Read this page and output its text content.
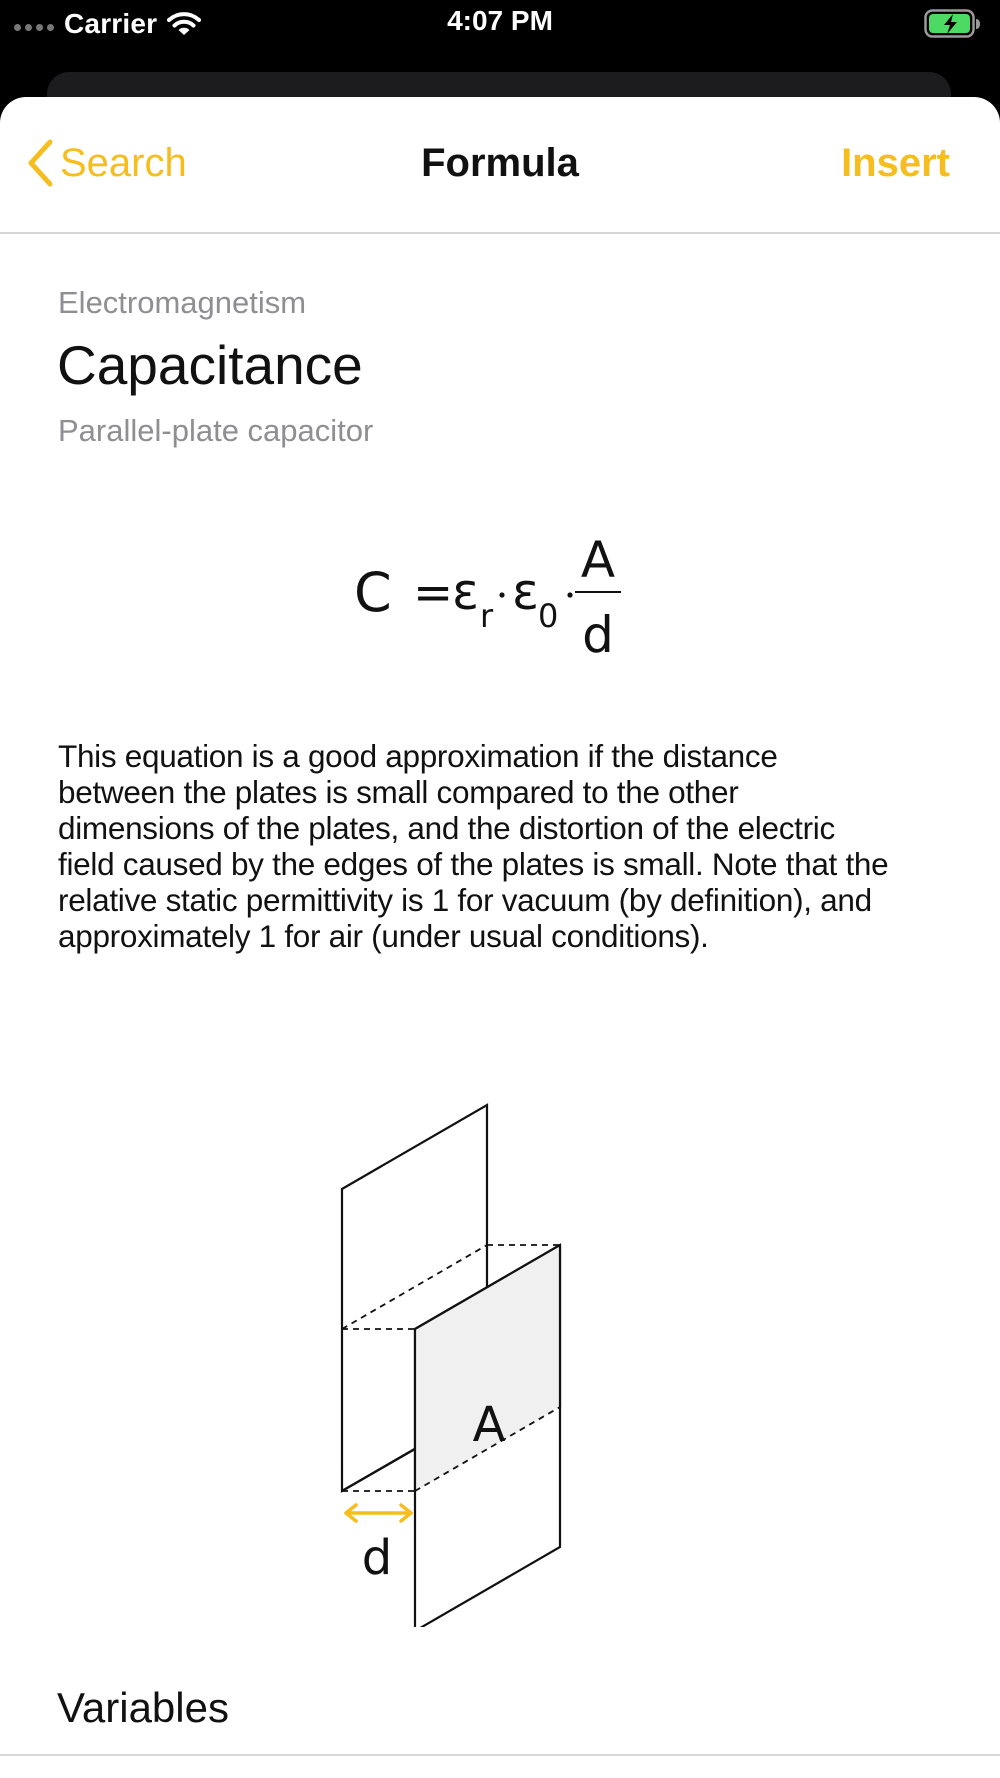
Carrier	4:07 PM
Search	Formula	Insert
Electromagnetism
Capacitance
Parallel-plate capacitor
C =
ε r ε
0
A
d
This equation is a good approximation if the distance
between the plates is small compared to the other
dimensions of the plates, and the distortion of the electric
field caused by the edges of the plates is small. Note that the
relative static permittivity is 1 for vacuum (by definition), and
approximately 1 for air (under usual conditions).
A
d
Variables
